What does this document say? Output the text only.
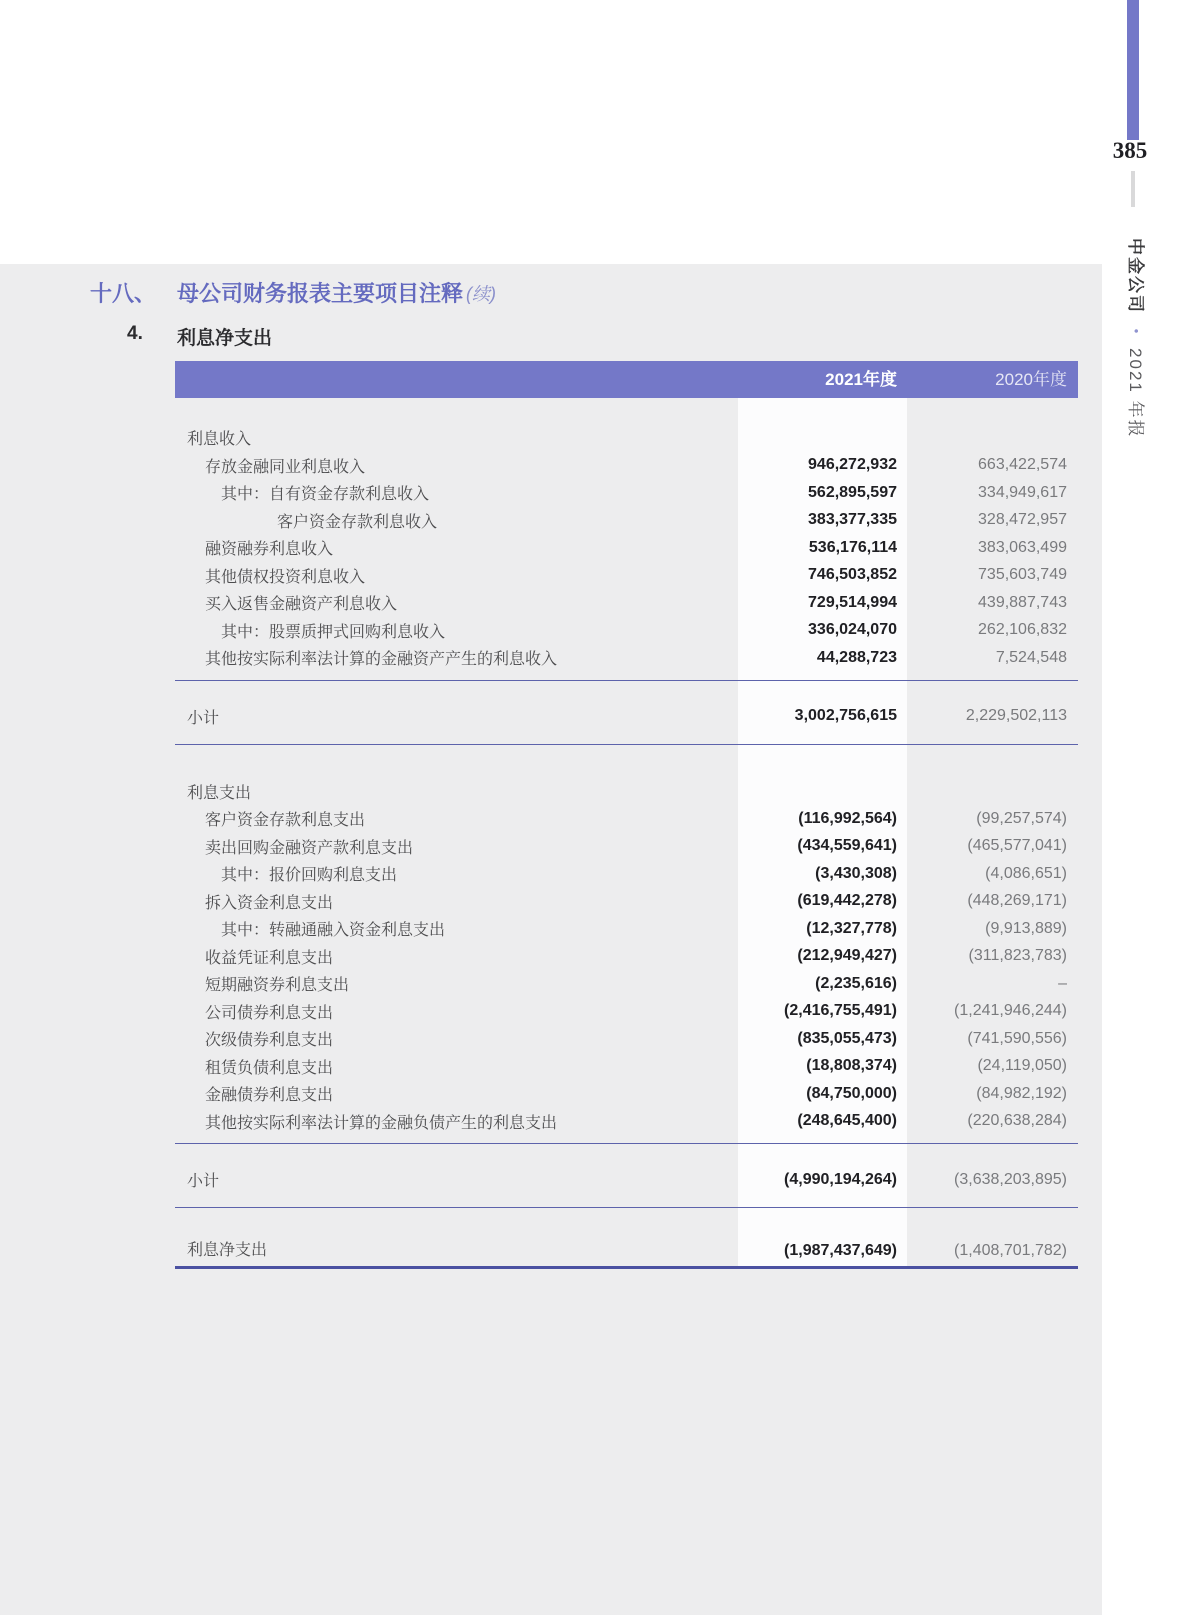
385
中金公司 • 2021 年报
十八、 母公司财务报表主要项目注释 (续)
4.	利息净支出
2021年度	2020年度
利息收入
存放金融同业利息收入	946,272,932	663,422,574
其中：自有资金存款利息收入	562,895,597	334,949,617
客户资金存款利息收入	383,377,335	328,472,957
融资融券利息收入	536,176,114	383,063,499
其他债权投资利息收入	746,503,852	735,603,749
买入返售金融资产利息收入	729,514,994	439,887,743
其中：股票质押式回购利息收入	336,024,070	262,106,832
其他按实际利率法计算的金融资产产生的利息收入	44,288,723	7,524,548
小计	3,002,756,615	2,229,502,113
利息支出
客户资金存款利息支出	(116,992,564)	(99,257,574)
卖出回购金融资产款利息支出	(434,559,641)	(465,577,041)
其中：报价回购利息支出	(3,430,308)	(4,086,651)
拆入资金利息支出	(619,442,278)	(448,269,171)
其中：转融通融入资金利息支出	(12,327,778)	(9,913,889)
收益凭证利息支出	(212,949,427)	(311,823,783)
短期融资券利息支出	(2,235,616)	–
公司债券利息支出	(2,416,755,491)	(1,241,946,244)
次级债券利息支出	(835,055,473)	(741,590,556)
租赁负债利息支出	(18,808,374)	(24,119,050)
金融债券利息支出	(84,750,000)	(84,982,192)
其他按实际利率法计算的金融负债产生的利息支出	(248,645,400)	(220,638,284)
小计	(4,990,194,264)	(3,638,203,895)
利息净支出	(1,987,437,649)	(1,408,701,782)
